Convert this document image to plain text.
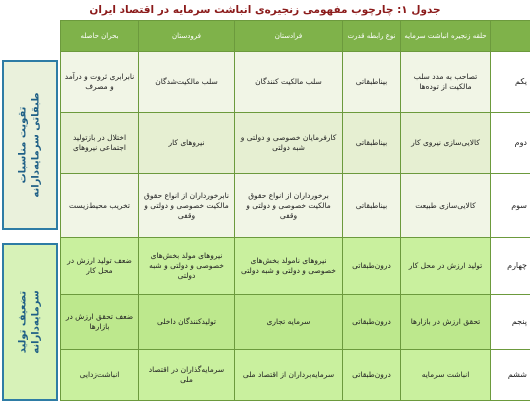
جدول ۱: چارچوب مفهومی زنجیره‌ی انباشت سرمایه در اقتصاد ایران
تقویت مناسبات طبقاتی سرمایه‌دارانه
تضعیف تولید سرمایه‌دارانه
	حلقه زنجیره انباشت سرمایه	نوع رابطه قدرت	فرادستان	فرودستان	بحران حاصله
یکم	تصاحب به مدد سلب مالکیت از توده‌ها	بیناطبقاتی	سلب مالکیت کنندگان	سلب مالکیت‌شدگان	نابرابری ثروت و درآمد و مصرف
دوم	کالایی‌سازی نیروی کار	بیناطبقاتی	کارفرمایان خصوصی و دولتی و شبه دولتی	نیروهای کار	اختلال در بازتولید اجتماعی نیروهای
سوم	کالایی‌سازی طبیعت	بیناطبقاتی	برخورداران از انواع حقوق مالکیت خصوصی و دولتی و وقفی	نابرخورداران از انواع حقوق مالکیت خصوصی و دولتی و وقفی	تخریب محیط‌زیست
چهارم	تولید ارزش در محل کار	درون‌طبقاتی	نیروهای نامولد بخش‌های خصوصی و دولتی و شبه دولتی	نیروهای مولد بخش‌های خصوصی و دولتی و شبه دولتی	ضعف تولید ارزش در محل کار
پنجم	تحقق ارزش در بازارها	درون‌طبقاتی	سرمایه تجاری	تولیدکنندگان داخلی	ضعف تحقق ارزش در بازارها
ششم	انباشت سرمایه	درون‌طبقاتی	سرمایه‌برداران از اقتصاد ملی	سرمایه‌گذاران در اقتصاد ملی	انباشت‌زدایی
